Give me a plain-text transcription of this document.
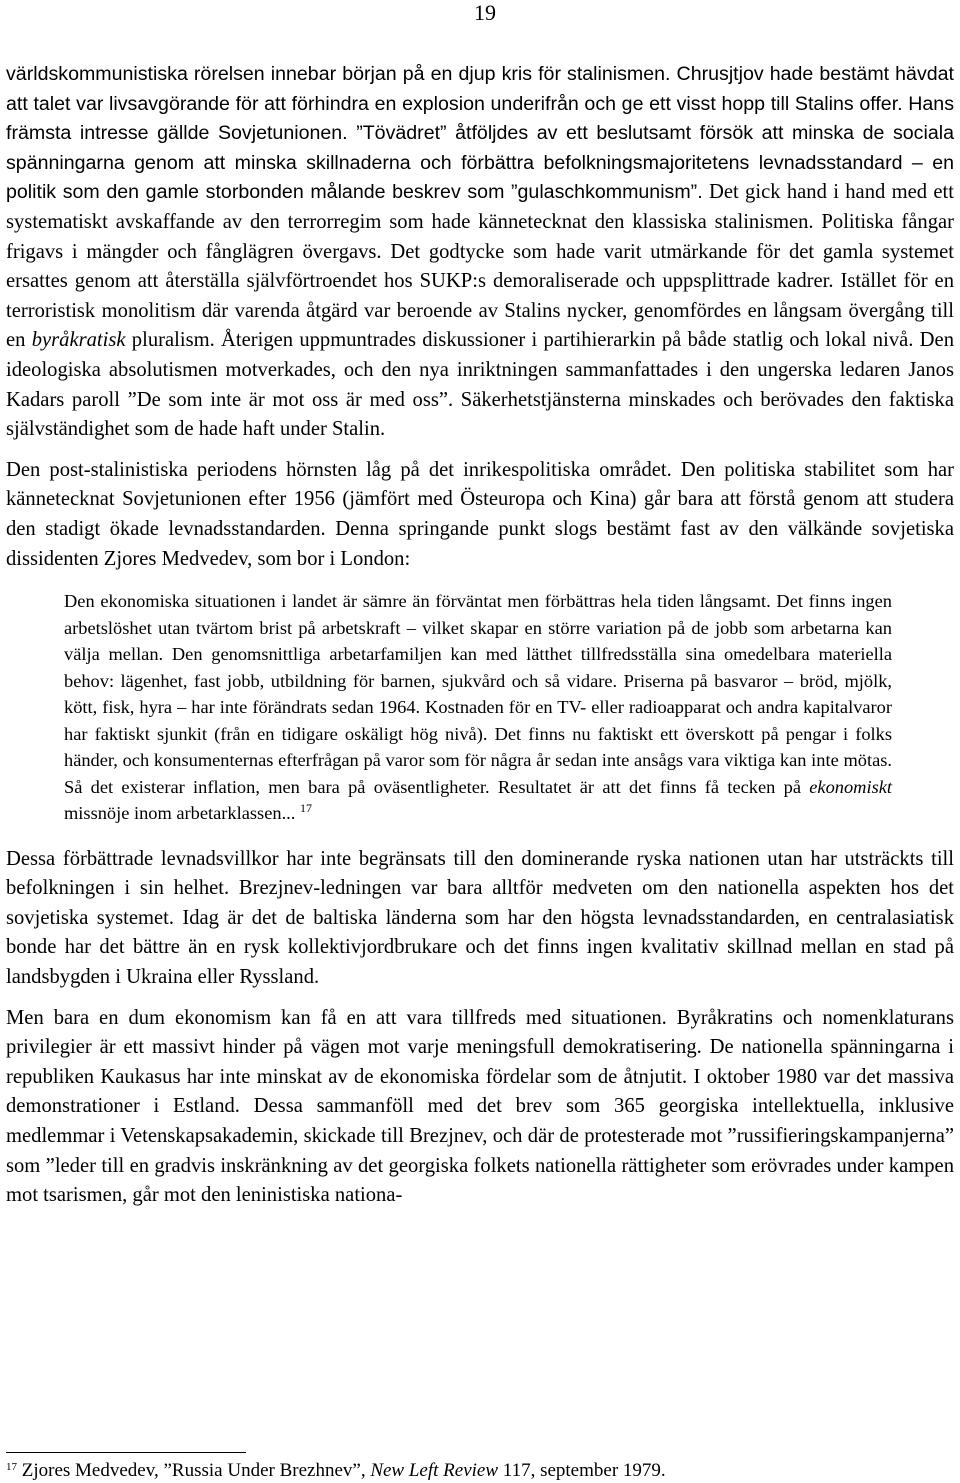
19

världskommunistiska rörelsen innebar början på en djup kris för stalinismen. Chrusjtjov hade bestämt hävdat att talet var livsavgörande för att förhindra en explosion underifrån och ge ett visst hopp till Stalins offer. Hans främsta intresse gällde Sovjetunionen. ”Tövädret” åtföljdes av ett beslutsamt försök att minska de sociala spänningarna genom att minska skillnaderna och förbättra befolkningsmajoritetens levnadsstandard – en politik som den gamle storbonden målande beskrev som ”gulaschkommunism”. Det gick hand i hand med ett systematiskt avskaffande av den terrorregim som hade kännetecknat den klassiska stalinismen. Politiska fångar frigavs i mängder och fånglägren övergavs. Det godtycke som hade varit utmärkande för det gamla systemet ersattes genom att återställa självförtroendet hos SUKP:s demoraliserade och uppsplittrade kadrer. Istället för en terroristisk monolitism där varenda åtgärd var beroende av Stalins nycker, genomfördes en långsam övergång till en byråkratisk pluralism. Återigen uppmuntrades diskussioner i partihierarkin på både statlig och lokal nivå. Den ideologiska absolutismen motverkades, och den nya inriktningen sammanfattades i den ungerska ledaren Janos Kadars paroll ”De som inte är mot oss är med oss”. Säkerhetstjänsterna minskades och berövades den faktiska självständighet som de hade haft under Stalin.

Den post-stalinistiska periodens hörnsten låg på det inrikespolitiska området. Den politiska stabilitet som har kännetecknat Sovjetunionen efter 1956 (jämfört med Östeuropa och Kina) går bara att förstå genom att studera den stadigt ökade levnadsstandarden. Denna springande punkt slogs bestämt fast av den välkände sovjetiska dissidenten Zjores Medvedev, som bor i London:

Den ekonomiska situationen i landet är sämre än förväntat men förbättras hela tiden långsamt. Det finns ingen arbetslöshet utan tvärtom brist på arbetskraft – vilket skapar en större variation på de jobb som arbetarna kan välja mellan. Den genomsnittliga arbetarfamiljen kan med lätthet tillfredsställa sina omedelbara materiella behov: lägenhet, fast jobb, utbildning för barnen, sjukvård och så vidare. Priserna på basvaror – bröd, mjölk, kött, fisk, hyra – har inte förändrats sedan 1964. Kostnaden för en TV- eller radioapparat och andra kapitalvaror har faktiskt sjunkit (från en tidigare oskäligt hög nivå). Det finns nu faktiskt ett överskott på pengar i folks händer, och konsumenternas efterfrågan på varor som för några år sedan inte ansågs vara viktiga kan inte mötas. Så det existerar inflation, men bara på oväsentligheter. Resultatet är att det finns få tecken på ekonomiskt missnöje inom arbetarklassen... $^{17}$

Dessa förbättrade levnadsvillkor har inte begränsats till den dominerande ryska nationen utan har utsträckts till befolkningen i sin helhet. Brezjnev-ledningen var bara alltför medveten om den nationella aspekten hos det sovjetiska systemet. Idag är det de baltiska länderna som har den högsta levnadsstandarden, en centralasiatisk bonde har det bättre än en rysk kollektivjordbrukare och det finns ingen kvalitativ skillnad mellan en stad på landsbygden i Ukraina eller Ryssland.

Men bara en dum ekonomism kan få en att vara tillfreds med situationen. Byråkratins och nomenklaturans privilegier är ett massivt hinder på vägen mot varje meningsfull demokratisering. De nationella spänningarna i republiken Kaukasus har inte minskat av de ekonomiska fördelar som de åtnjutit. I oktober 1980 var det massiva demonstrationer i Estland. Dessa sammanföll med det brev som 365 georgiska intellektuella, inklusive medlemmar i Vetenskapsakademin, skickade till Brezjnev, och där de protesterade mot ”russifieringskampanjerna” som ”leder till en gradvis inskränkning av det georgiska folkets nationella rättigheter som erövrades under kampen mot tsarismen, går mot den leninistiska nationa-

$^{17}$ Zjores Medvedev, ”Russia Under Brezhnev”, New Left Review 117, september 1979.
